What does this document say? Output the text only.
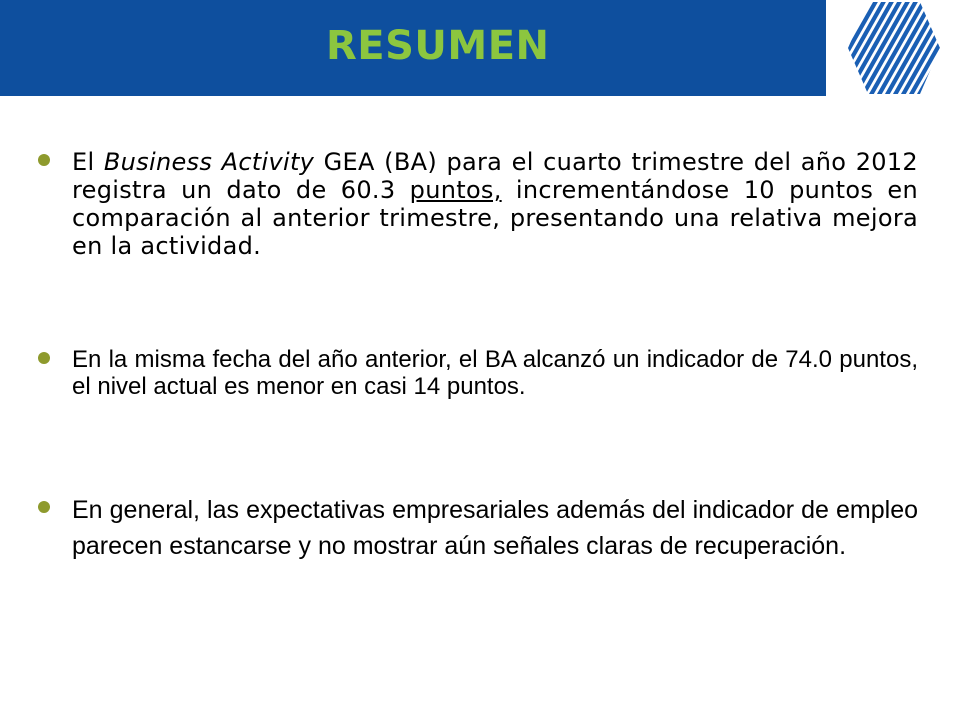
RESUMEN
El Business Activity GEA (BA) para el cuarto trimestre del año 2012 registra un dato de 60.3 puntos, incrementándose 10 puntos en comparación al anterior trimestre, presentando una relativa mejora en la actividad.
En la misma fecha del año anterior, el BA alcanzó un indicador de 74.0 puntos, el nivel actual es menor en casi 14 puntos.
En general, las expectativas empresariales además del indicador de empleo parecen estancarse y no mostrar aún señales claras de recuperación.
